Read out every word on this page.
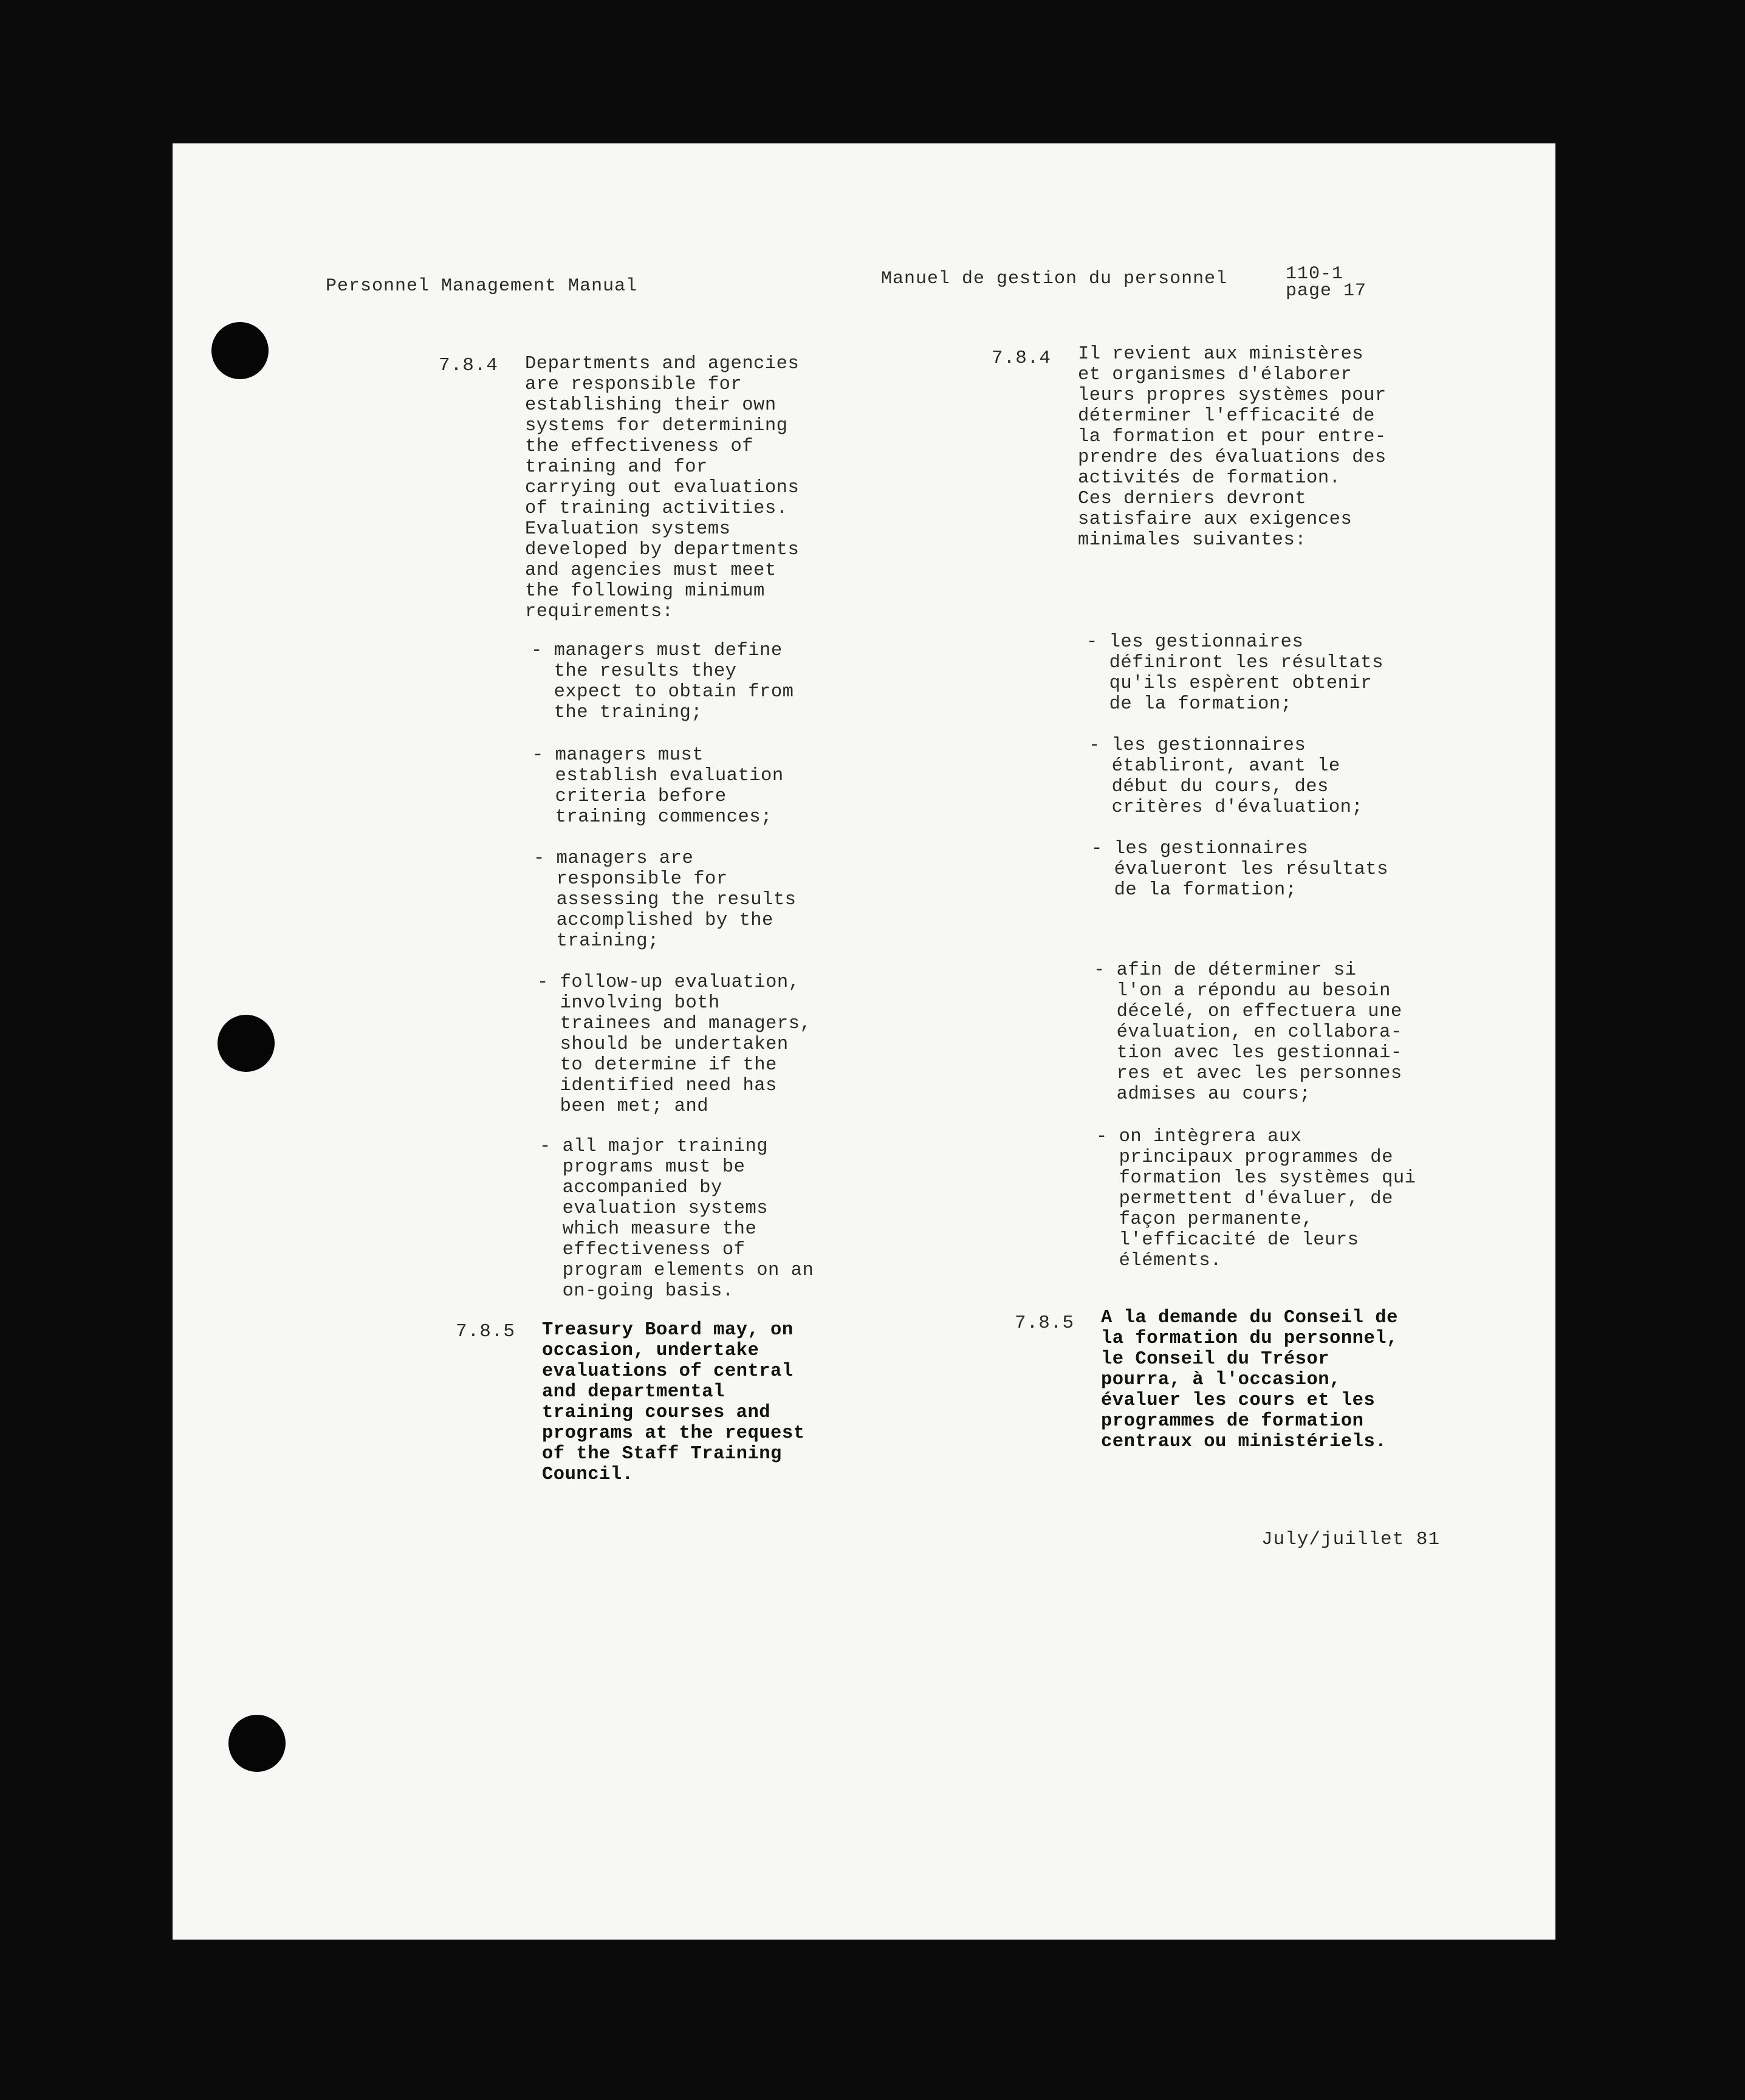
Personnel Management Manual	Manuel de gestion du personnel	110-1
page 17
7.8.4 Departments and agencies
are responsible for
establishing their own
systems for determining
the effectiveness of
training and for
carrying out evaluations
of training activities.
Evaluation systems
developed by departments
and agencies must meet
the following minimum
requirements:
- managers must define
the results they
expect to obtain from
the training;
- managers must
establish evaluation
criteria before
training commences;
- managers are
responsible for
assessing the results
accomplished by the
training;
- follow-up evaluation,
involving both
trainees and managers,
should be undertaken
to determine if the
identified need has
been met; and
- all major training
programs must be
accompanied by
evaluation systems
which measure the
effectiveness of
program elements on an
on-going basis.
7.8.5 Treasury Board may, on
occasion, undertake
evaluations of central
and departmental
training courses and
programs at the request
of the Staff Training
Council.
7.8.4 Il revient aux ministères
et organismes d'élaborer
leurs propres systèmes pour
déterminer l'efficacité de
la formation et pour entre-
prendre des évaluations des
activités de formation.
Ces derniers devront
satisfaire aux exigences
minimales suivantes:
- les gestionnaires
définiront les résultats
qu'ils espèrent obtenir
de la formation;
- les gestionnaires
établiront, avant le
début du cours, des
critères d'évaluation;
- les gestionnaires
évalueront les résultats
de la formation;
- afin de déterminer si
l'on a répondu au besoin
décelé, on effectuera une
évaluation, en collabora-
tion avec les gestionnai-
res et avec les personnes
admises au cours;
- on intègrera aux
principaux programmes de
formation les systèmes qui
permettent d'évaluer, de
façon permanente,
l'efficacité de leurs
éléments.
7.8.5 A la demande du Conseil de
la formation du personnel,
le Conseil du Trésor
pourra, à l'occasion,
évaluer les cours et les
programmes de formation
centraux ou ministériels.
July/juillet 81
